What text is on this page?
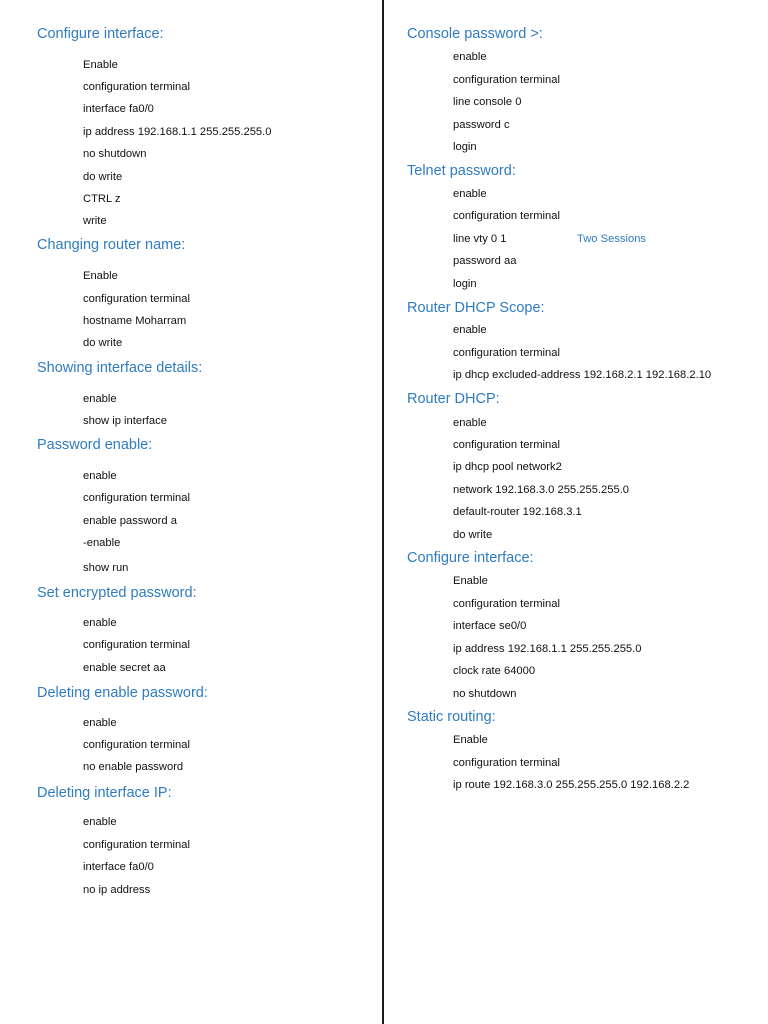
Configure interface:
Enable
configuration terminal
interface fa0/0
ip address 192.168.1.1 255.255.255.0
no shutdown
do write
CTRL z
write
Changing router name:
Enable
configuration terminal
hostname Moharram
do write
Showing interface details:
enable
show ip interface
Password enable:
enable
configuration terminal
enable password a
-enable
show run
Set encrypted password:
enable
configuration terminal
enable secret aa
Deleting enable password:
enable
configuration terminal
no enable password
Deleting interface IP:
enable
configuration terminal
interface fa0/0
no ip address
Console password >:
enable
configuration terminal
line console 0
password c
login
Telnet password:
enable
configuration terminal
line vty 0 1	Two Sessions
password aa
login
Router DHCP Scope:
enable
configuration terminal
ip dhcp excluded-address 192.168.2.1 192.168.2.10
Router DHCP:
enable
configuration terminal
ip dhcp pool network2
network 192.168.3.0 255.255.255.0
default-router 192.168.3.1
do write
Configure interface:
Enable
configuration terminal
interface se0/0
ip address 192.168.1.1 255.255.255.0
clock rate 64000
no shutdown
Static routing:
Enable
configuration terminal
ip route 192.168.3.0 255.255.255.0 192.168.2.2
